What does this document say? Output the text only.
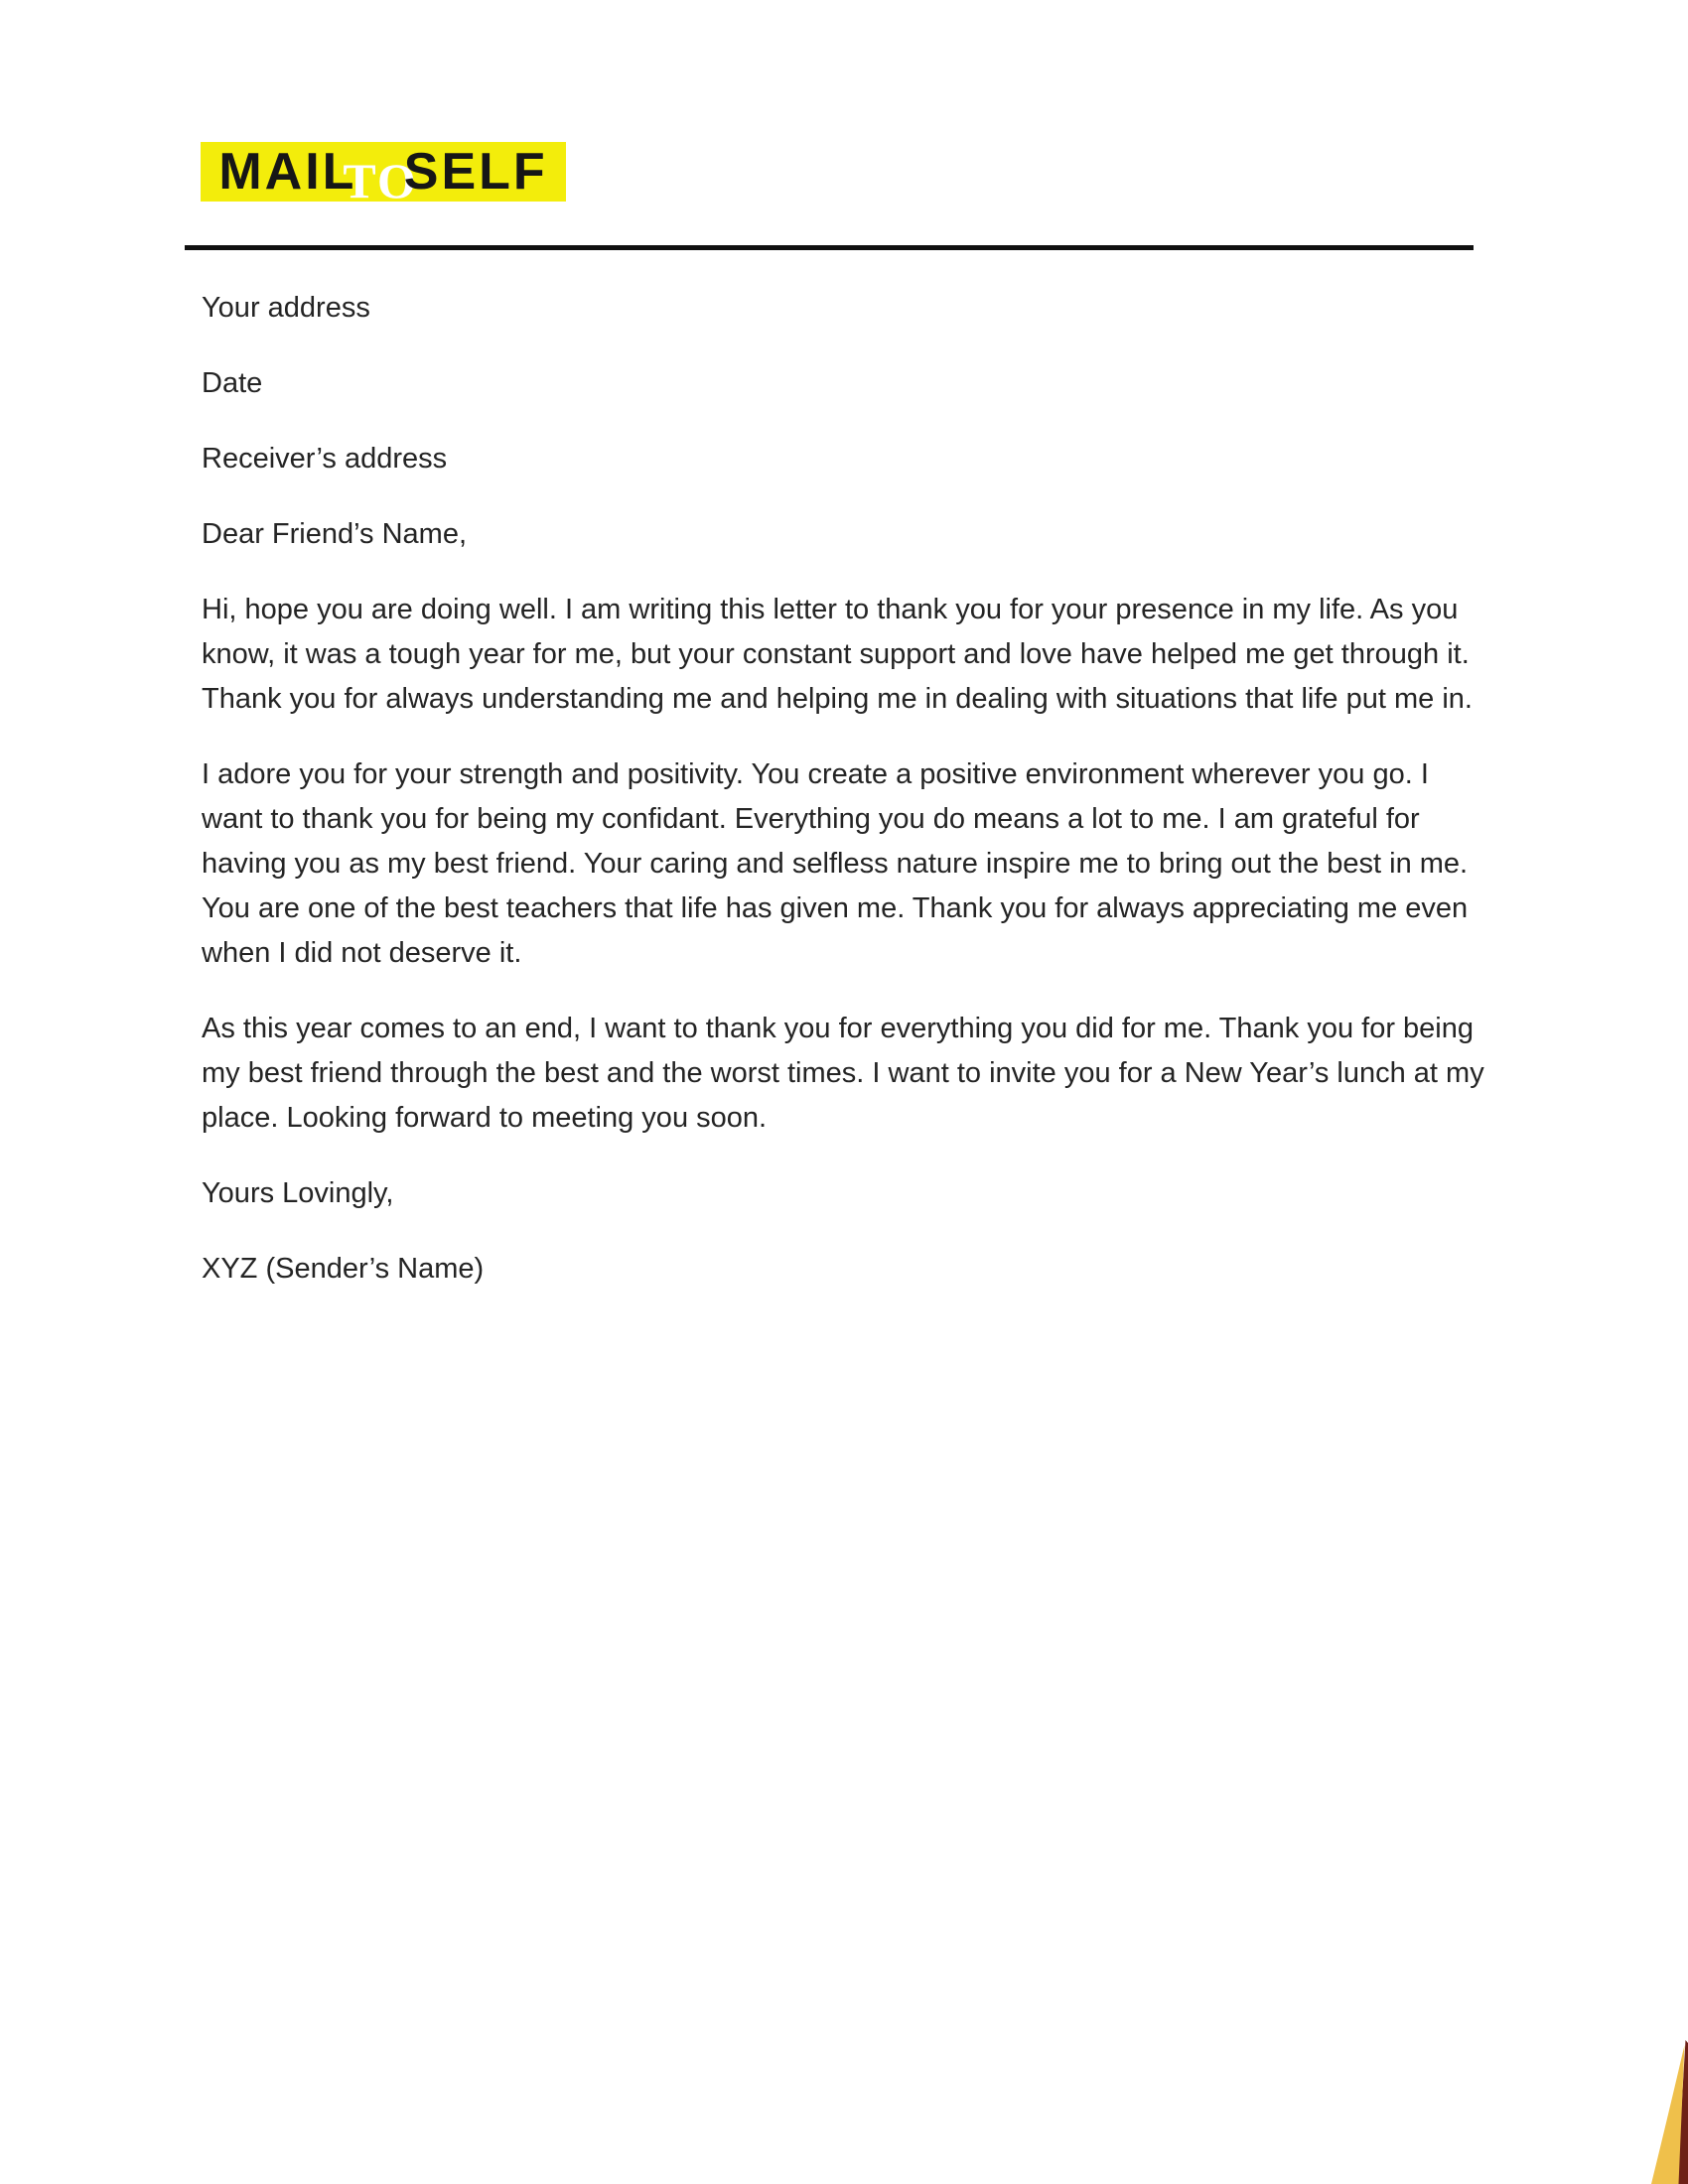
MAIL
TO
SELF

Your address

Date

Receiver’s address

Dear Friend’s Name,

Hi, hope you are doing well. I am writing this letter to thank you for your presence in my life. As you know, it was a tough year for me, but your constant support and love have helped me get through it. Thank you for always understanding me and helping me in dealing with situations that life put me in.

I adore you for your strength and positivity. You create a positive environment wherever you go. I want to thank you for being my confidant. Everything you do means a lot to me. I am grateful for having you as my best friend. Your caring and selfless nature inspire me to bring out the best in me. You are one of the best teachers that life has given me. Thank you for always appreciating me even when I did not deserve it.

As this year comes to an end, I want to thank you for everything you did for me. Thank you for being my best friend through the best and the worst times. I want to invite you for a New Year’s lunch at my place. Looking forward to meeting you soon.

Yours Lovingly,

XYZ (Sender’s Name)
